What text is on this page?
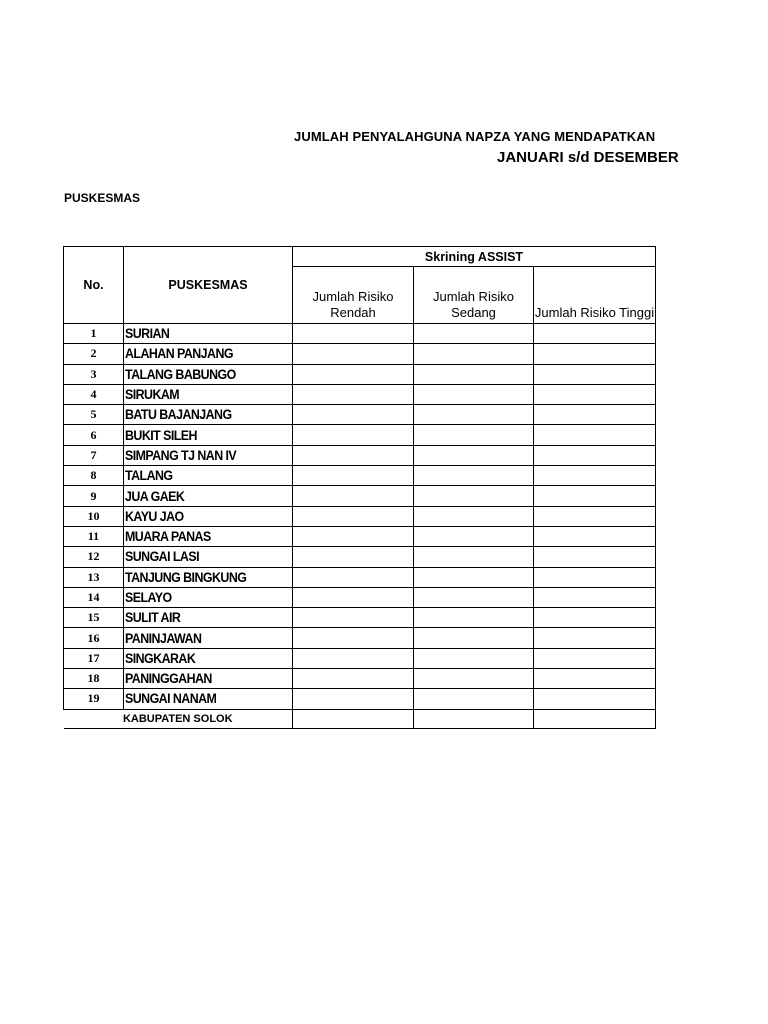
JUMLAH PENYALAHGUNA NAPZA YANG MENDAPATKAN
JANUARI s/d DESEMBER
PUSKESMAS
No.	PUSKESMAS	Skrining ASSIST		
		Jumlah Risiko Rendah	Jumlah Risiko Sedang	Jumlah Risiko Tinggi
1	SURIAN			
2	ALAHAN PANJANG			
3	TALANG BABUNGO			
4	SIRUKAM			
5	BATU BAJANJANG			
6	BUKIT SILEH			
7	SIMPANG TJ NAN IV			
8	TALANG			
9	JUA GAEK			
10	KAYU JAO			
11	MUARA PANAS			
12	SUNGAI LASI			
13	TANJUNG BINGKUNG			
14	SELAYO			
15	SULIT AIR			
16	PANINJAWAN			
17	SINGKARAK			
18	PANINGGAHAN			
19	SUNGAI NANAM			
KABUPATEN SOLOK				
